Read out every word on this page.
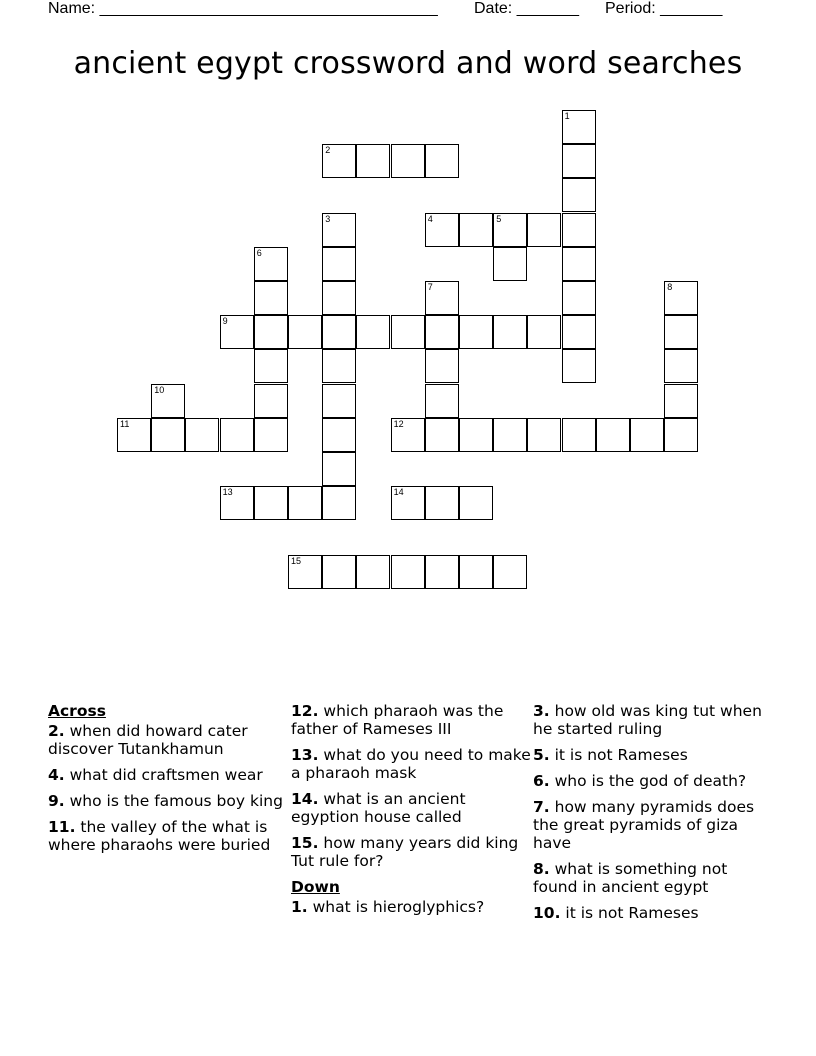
Name: ______________________________________ Date: _______ Period: _______
ancient egypt crossword and word searches
1
2
3	4	5
6
7	8
9
10
11	12
13	14
15
Across
2. when did howard cater discover Tutankhamun
4. what did craftsmen wear
9. who is the famous boy king
11. the valley of the what is where pharaohs were buried
12. which pharaoh was the father of Rameses III
13. what do you need to make a pharaoh mask
14. what is an ancient egyption house called
15. how many years did king Tut rule for?
Down
1. what is hieroglyphics?
3. how old was king tut when he started ruling
5. it is not Rameses
6. who is the god of death?
7. how many pyramids does the great pyramids of giza have
8. what is something not found in ancient egypt
10. it is not Rameses
